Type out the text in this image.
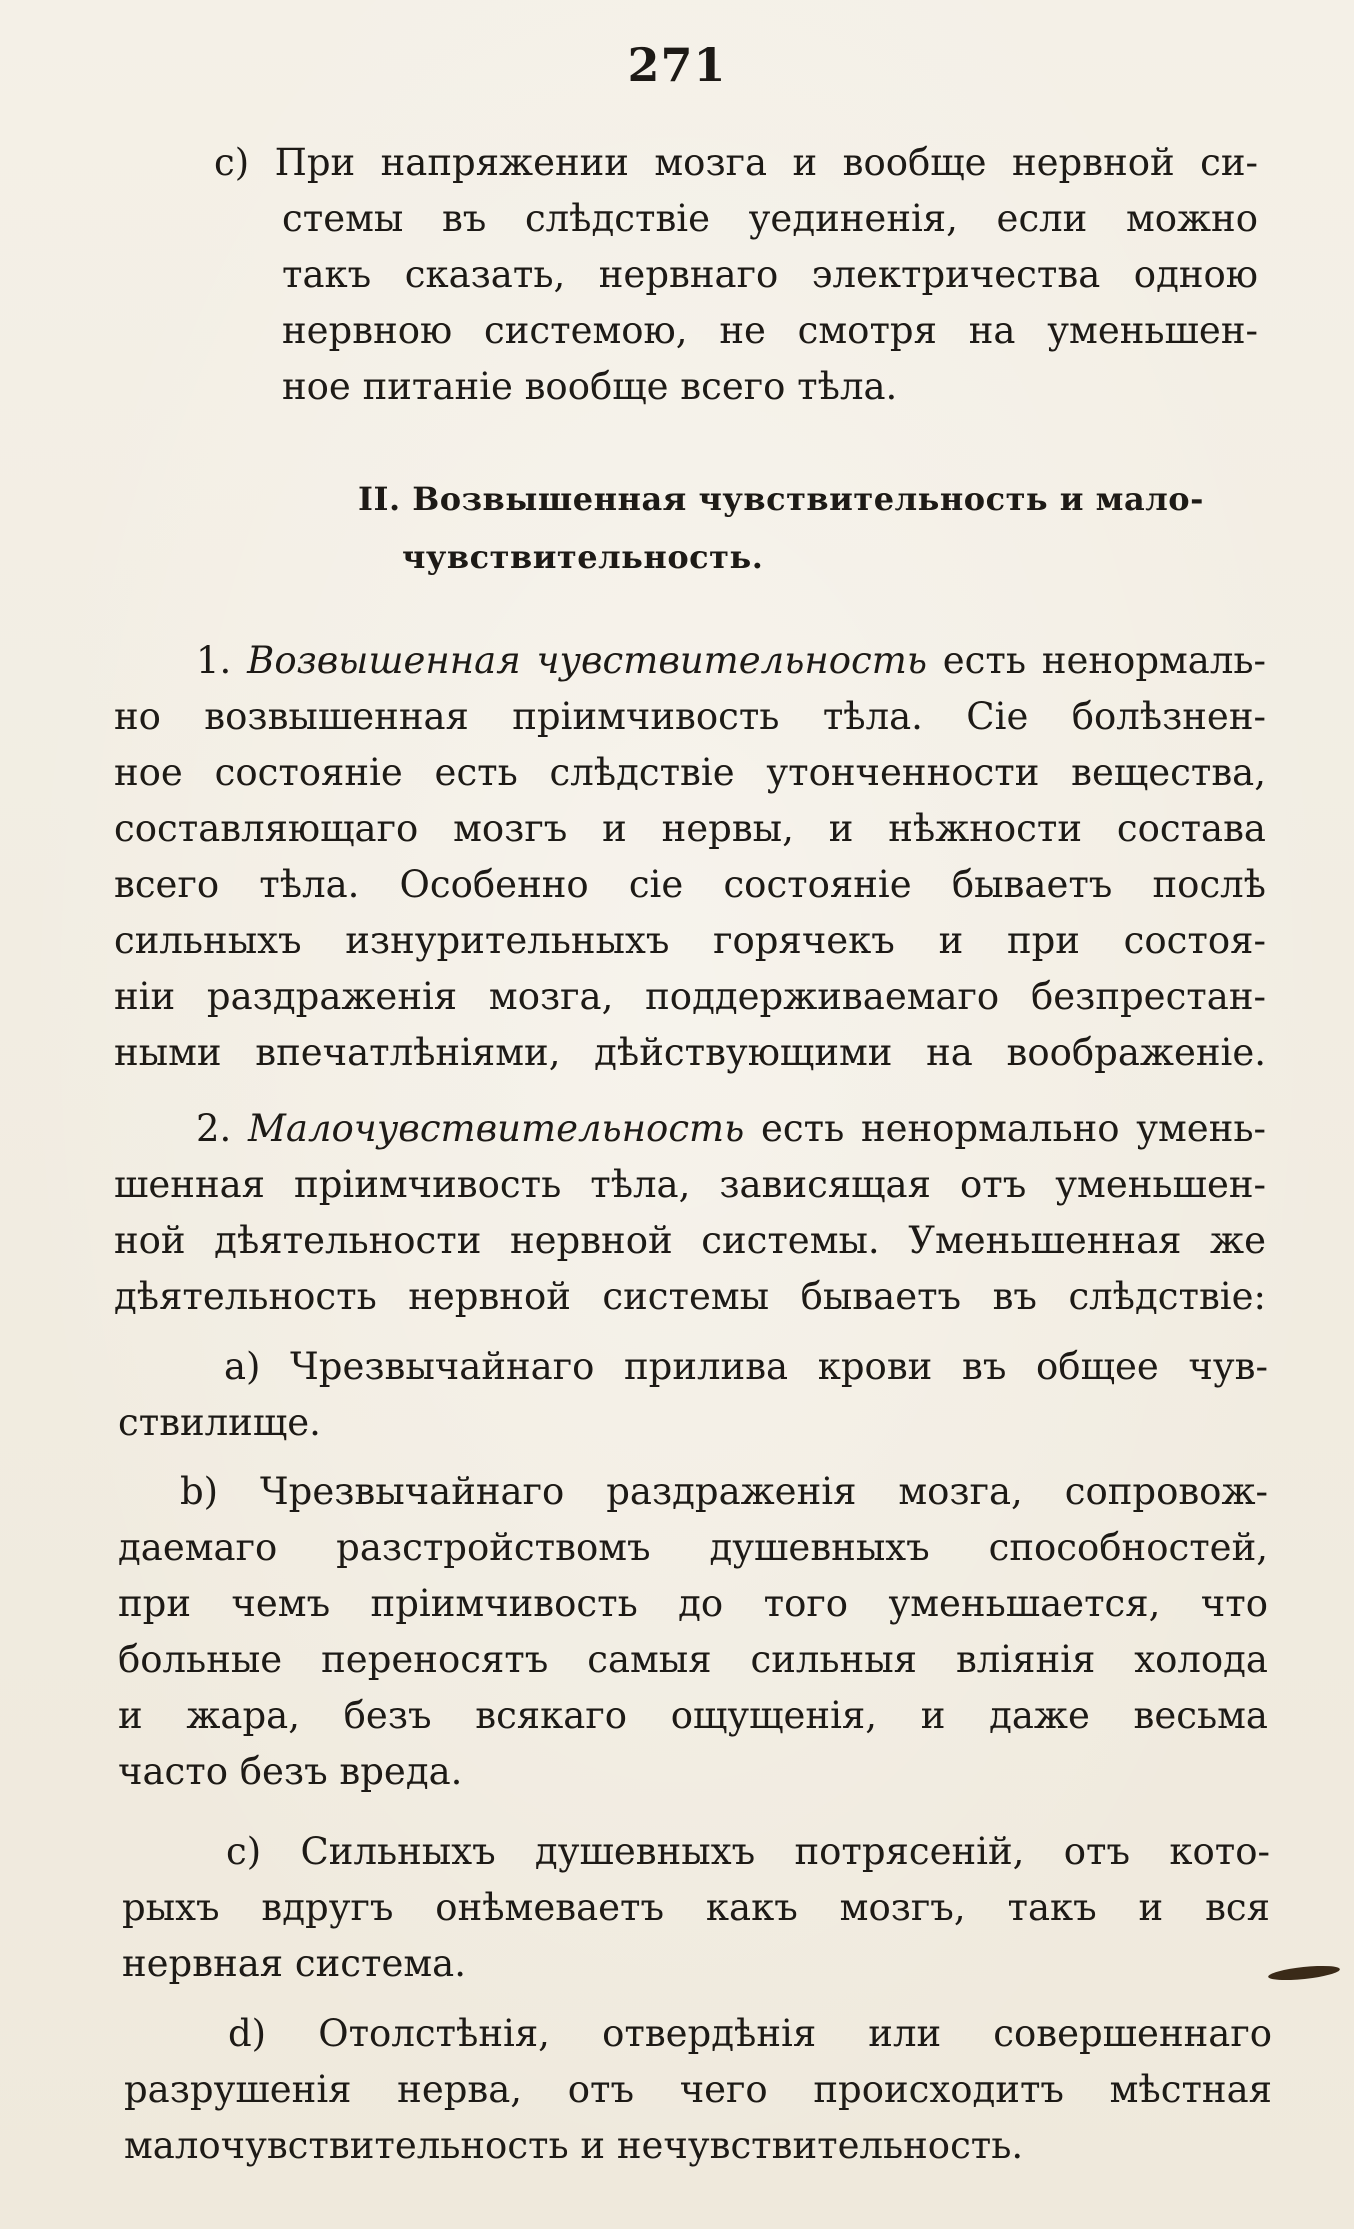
271
с) При напряжении мозга и вообще нервной си-
стемы въ слѣдствіе уединенія, если можно
такъ сказать, нервнаго электричества одною
нервною системою, не смотря на уменьшен-
ное питаніе вообще всего тѣла.
II. Возвышенная чувствительность и мало-
чувствительность.
1. Возвышенная чувствительность есть ненормаль-
но возвышенная пріимчивость тѣла. Сіе болѣзнен-
ное состояніе есть слѣдствіе утонченности вещества,
составляющаго мозгъ и нервы, и нѣжности состава
всего тѣла. Особенно сіе состояніе бываетъ послѣ
сильныхъ изнурительныхъ горячекъ и при состоя-
ніи раздраженія мозга, поддерживаемаго безпрестан-
ными впечатлѣніями, дѣйствующими на воображеніе.
2. Малочувствительность есть ненормально умень-
шенная пріимчивость тѣла, зависящая отъ уменьшен-
ной дѣятельности нервной системы. Уменьшенная же
дѣятельность нервной системы бываетъ въ слѣдствіе:
а) Чрезвычайнаго прилива крови въ общее чув-
ствилище.
b) Чрезвычайнаго раздраженія мозга, сопровож-
даемаго разстройствомъ душевныхъ способностей,
при чемъ пріимчивость до того уменьшается, что
больные переносятъ самыя сильныя вліянія холода
и жара, безъ всякаго ощущенія, и даже весьма
часто безъ вреда.
с) Сильныхъ душевныхъ потрясеній, отъ кото-
рыхъ вдругъ онѣмеваетъ какъ мозгъ, такъ и вся
нервная система.
d) Отолстѣнія, отвердѣнія или совершеннаго
разрушенія нерва, отъ чего происходитъ мѣстная
малочувствительность и нечувствительность.
